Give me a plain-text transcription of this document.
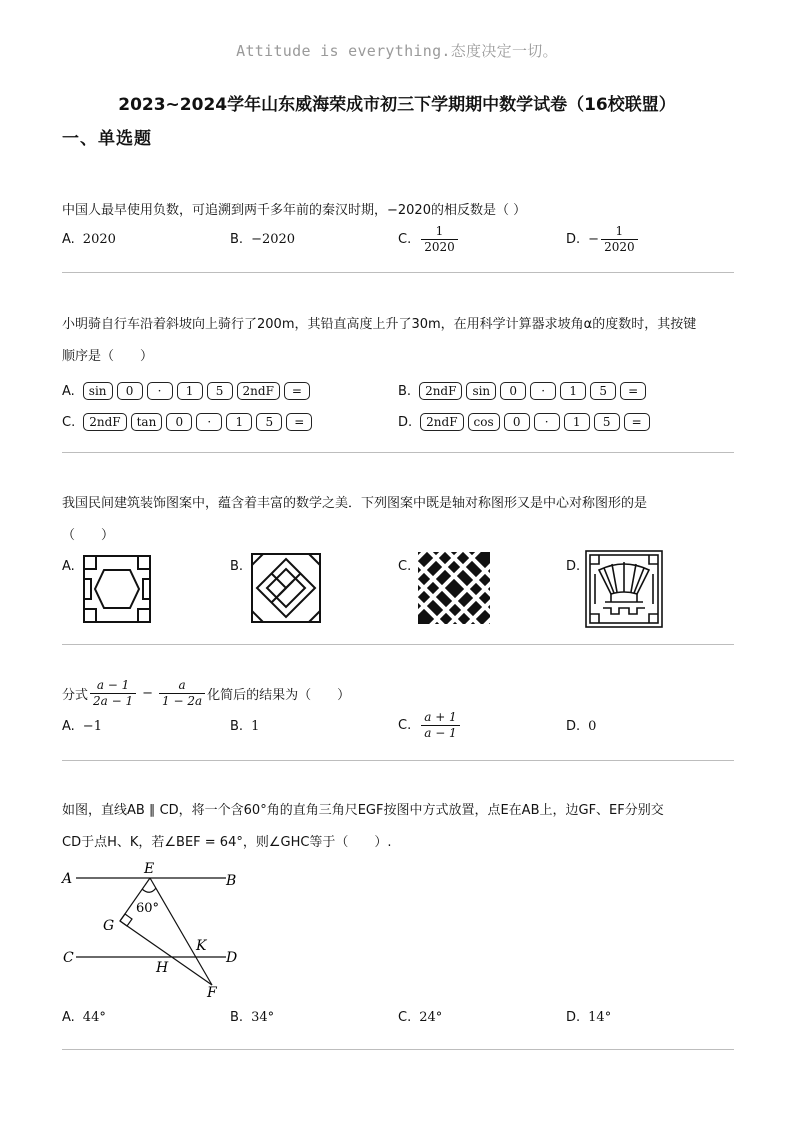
Attitude is everything.态度决定一切。
2023~2024学年山东威海荣成市初三下学期期中数学试卷（16校联盟）
一、单选题
中国人最早使用负数，可追溯到两千多年前的秦汉时期，−2020的相反数是（ ）
A. 2020	B. −2020	C. $\frac{1}{2020}$	D. − $\frac{1}{2020}$
小明骑自行车沿着斜坡向上骑行了200m，其铅直高度上升了30m，在用科学计算器求坡角α的度数时，其按键
顺序是（　　）
A.	sin	0	·	1	5	2ndF	=	B.	2ndF	sin	0	·	1	5	=
C.	2ndF	tan	0	·	1	5	=	D.	2ndF	cos	0	·	1	5	=
我国民间建筑装饰图案中，蕴含着丰富的数学之美．下列图案中既是轴对称图形又是中心对称图形的是
（　　）
A.	B.	C.	D.
分式 $\frac{a - 1}{2a - 1} - \frac{a}{1 - 2a}$ 化简后的结果为（　　）
A. −1	B. 1	C. $\frac{a + 1}{a - 1}$	D. 0
如图，直线AB ∥ CD，将一个含60°角的直角三角尺EGF按图中方式放置，点E在AB上，边GF、EF分别交
CD于点H、K，若∠BEF = 64°，则∠GHC等于（　　）.
A	B
C	D
E
F
G
H
K
60°
A. 44°	B. 34°	C. 24°	D. 14°
